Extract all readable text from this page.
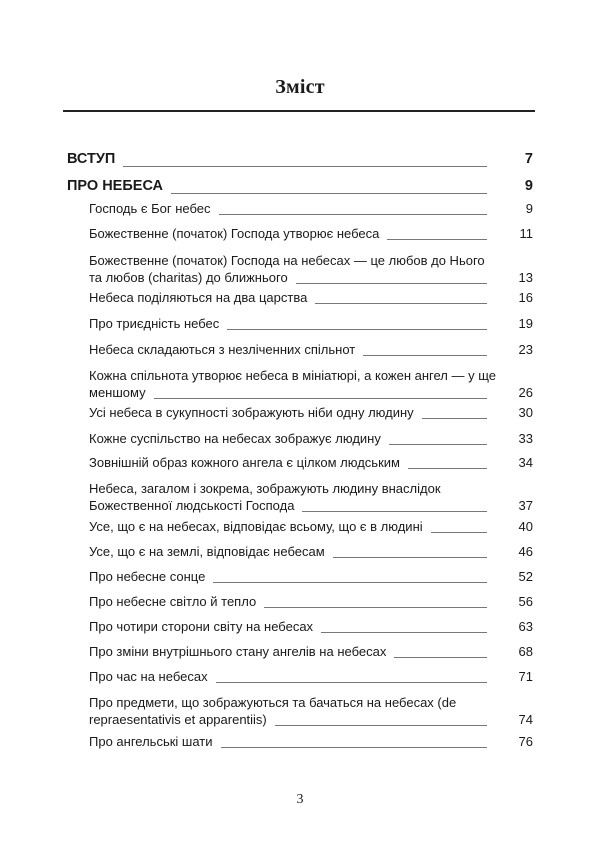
Зміст
ВСТУП	7
ПРО НЕБЕСА	9
Господь є Бог небес	9
Божественне (початок) Господа утворює небеса	11
Божественне (початок) Господа на небесах — це любов до Нього та любов (charitas) до ближнього	13
Небеса поділяються на два царства	16
Про триєдність небес	19
Небеса складаються з незліченних спільнот	23
Кожна спільнота утворює небеса в мініатюрі, а кожен ангел — у ще меншому	26
Усі небеса в сукупності зображують ніби одну людину	30
Кожне суспільство на небесах зображує людину	33
Зовнішній образ кожного ангела є цілком людським	34
Небеса, загалом і зокрема, зображують людину внаслідок Божественної людськості Господа	37
Усе, що є на небесах, відповідає всьому, що є в людині	40
Усе, що є на землі, відповідає небесам	46
Про небесне сонце	52
Про небесне світло й тепло	56
Про чотири сторони світу на небесах	63
Про зміни внутрішнього стану ангелів на небесах	68
Про час на небесах	71
Про предмети, що зображуються та бачаться на небесах (de repraesentativis et apparentiis)	74
Про ангельські шати	76
3
